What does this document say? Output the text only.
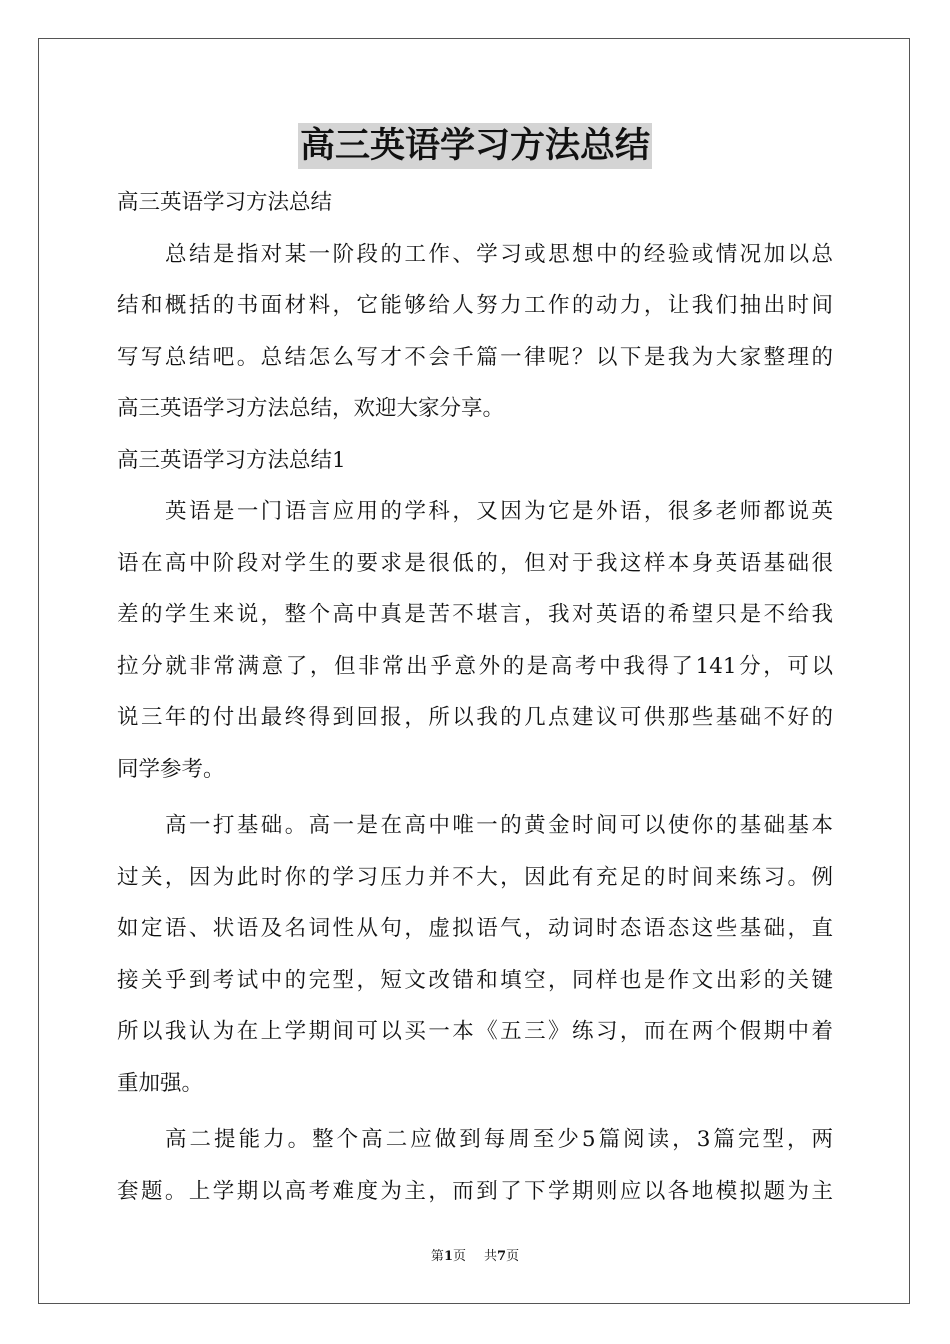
高三英语学习方法总结
高三英语学习方法总结
总结是指对某一阶段的工作、学习或思想中的经验或情况加以总
结和概括的书面材料，它能够给人努力工作的动力，让我们抽出时间
写写总结吧。总结怎么写才不会千篇一律呢？以下是我为大家整理的
高三英语学习方法总结，欢迎大家分享。
高三英语学习方法总结1
英语是一门语言应用的学科，又因为它是外语，很多老师都说英
语在高中阶段对学生的要求是很低的，但对于我这样本身英语基础很
差的学生来说，整个高中真是苦不堪言，我对英语的希望只是不给我
拉分就非常满意了，但非常出乎意外的是高考中我得了141分，可以
说三年的付出最终得到回报，所以我的几点建议可供那些基础不好的
同学参考。
高一打基础。高一是在高中唯一的黄金时间可以使你的基础基本
过关，因为此时你的学习压力并不大，因此有充足的时间来练习。例
如定语、状语及名词性从句，虚拟语气，动词时态语态这些基础，直
接关乎到考试中的完型，短文改错和填空，同样也是作文出彩的关键
所以我认为在上学期间可以买一本《五三》练习，而在两个假期中着
重加强。
高二提能力。整个高二应做到每周至少5篇阅读，3篇完型，两
套题。上学期以高考难度为主，而到了下学期则应以各地模拟题为主
第1页 共7页
